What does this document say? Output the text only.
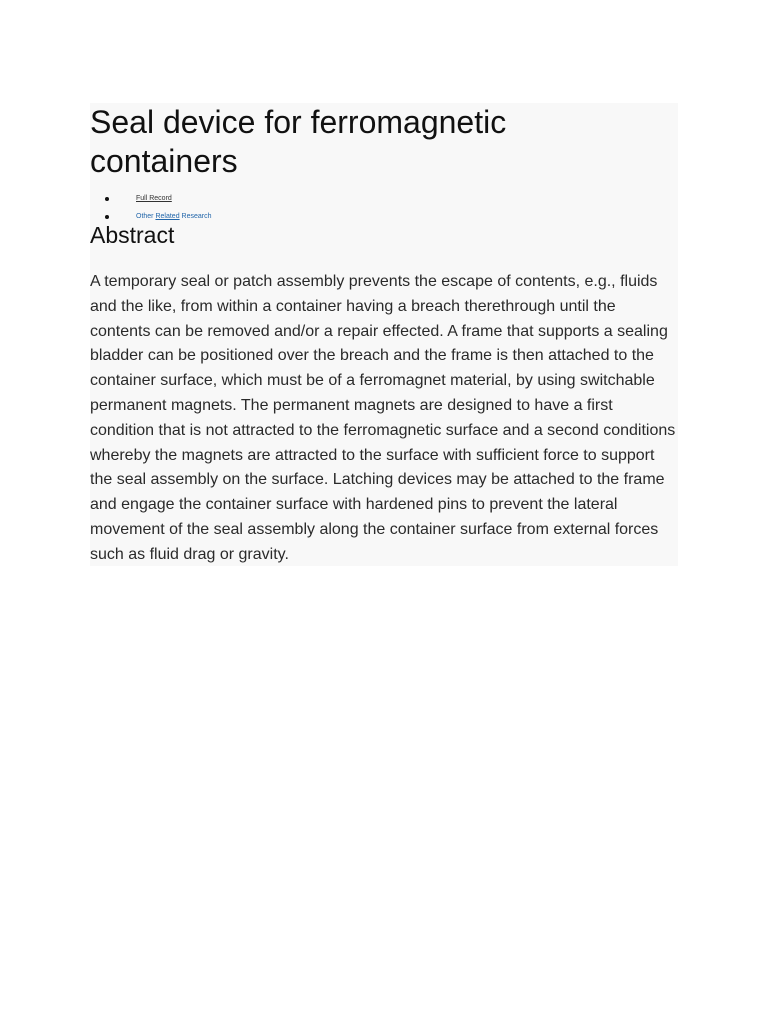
Seal device for ferromagnetic containers
Full Record
Other Related Research
Abstract

A temporary seal or patch assembly prevents the escape of contents, e.g., fluids and the like, from within a container having a breach therethrough until the contents can be removed and/or a repair effected. A frame that supports a sealing bladder can be positioned over the breach and the frame is then attached to the container surface, which must be of a ferromagnet material, by using switchable permanent magnets. The permanent magnets are designed to have a first condition that is not attracted to the ferromagnetic surface and a second conditions whereby the magnets are attracted to the surface with sufficient force to support the seal assembly on the surface. Latching devices may be attached to the frame and engage the container surface with hardened pins to prevent the lateral movement of the seal assembly along the container surface from external forces such as fluid drag or gravity.
